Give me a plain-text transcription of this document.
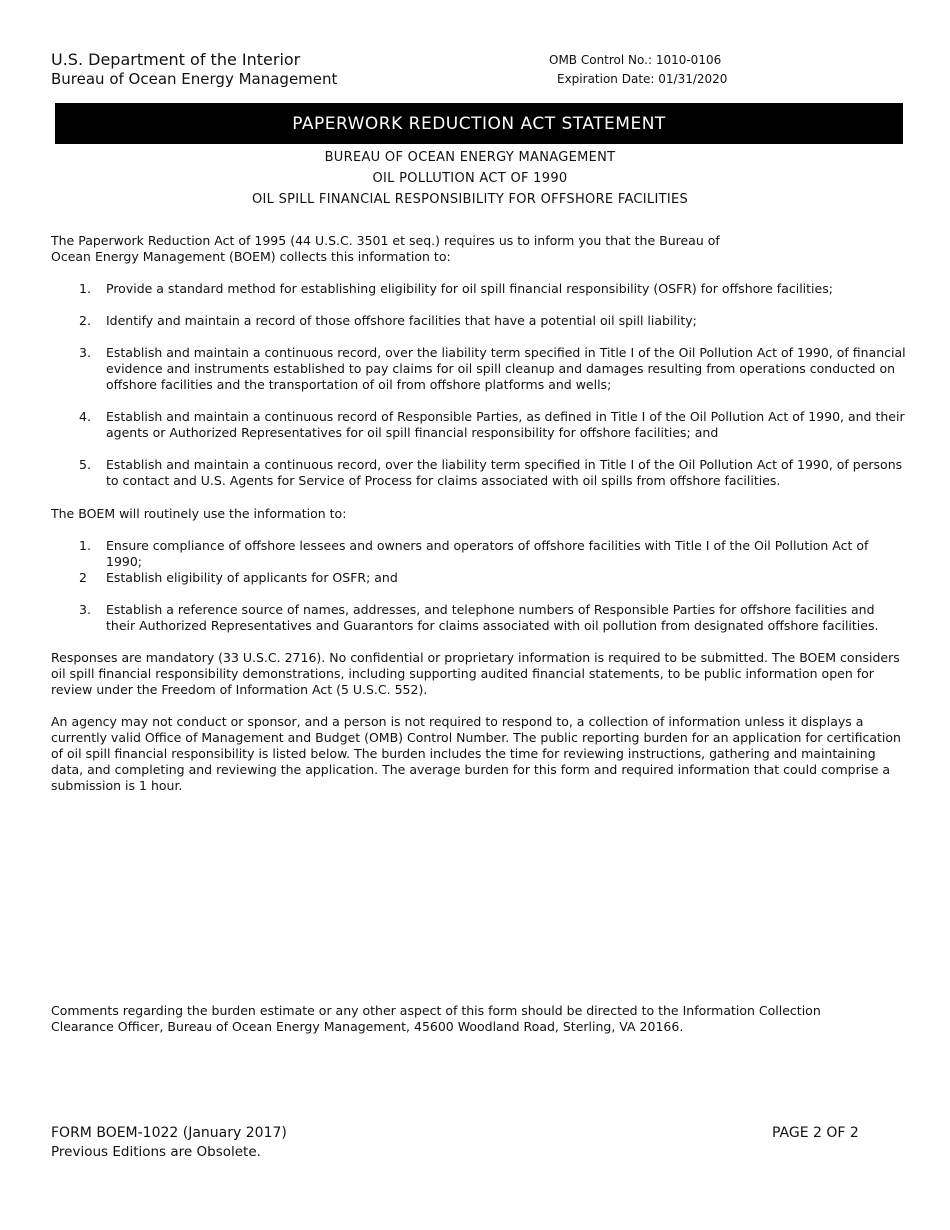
U.S. Department of the Interior
Bureau of Ocean Energy Management
OMB Control No.: 1010-0106
Expiration Date: 01/31/2020
PAPERWORK REDUCTION ACT STATEMENT
BUREAU OF OCEAN ENERGY MANAGEMENT
OIL POLLUTION ACT OF 1990
OIL SPILL FINANCIAL RESPONSIBILITY FOR OFFSHORE FACILITIES
The Paperwork Reduction Act of 1995 (44 U.S.C. 3501 et seq.) requires us to inform you that the Bureau of Ocean Energy Management (BOEM) collects this information to:
1. Provide a standard method for establishing eligibility for oil spill financial responsibility (OSFR) for offshore facilities;
2. Identify and maintain a record of those offshore facilities that have a potential oil spill liability;
3. Establish and maintain a continuous record, over the liability term specified in Title I of the Oil Pollution Act of 1990, of financial evidence and instruments established to pay claims for oil spill cleanup and damages resulting from operations conducted on offshore facilities and the transportation of oil from offshore platforms and wells;
4. Establish and maintain a continuous record of Responsible Parties, as defined in Title I of the Oil Pollution Act of 1990, and their agents or Authorized Representatives for oil spill financial responsibility for offshore facilities; and
5. Establish and maintain a continuous record, over the liability term specified in Title I of the Oil Pollution Act of 1990, of persons to contact and U.S. Agents for Service of Process for claims associated with oil spills from offshore facilities.
The BOEM will routinely use the information to:
1. Ensure compliance of offshore lessees and owners and operators of offshore facilities with Title I of the Oil Pollution Act of 1990;
2 Establish eligibility of applicants for OSFR; and
3. Establish a reference source of names, addresses, and telephone numbers of Responsible Parties for offshore facilities and their Authorized Representatives and Guarantors for claims associated with oil pollution from designated offshore facilities.
Responses are mandatory (33 U.S.C. 2716). No confidential or proprietary information is required to be submitted. The BOEM considers oil spill financial responsibility demonstrations, including supporting audited financial statements, to be public information open for review under the Freedom of Information Act (5 U.S.C. 552).
An agency may not conduct or sponsor, and a person is not required to respond to, a collection of information unless it displays a currently valid Office of Management and Budget (OMB) Control Number. The public reporting burden for an application for certification of oil spill financial responsibility is listed below. The burden includes the time for reviewing instructions, gathering and maintaining data, and completing and reviewing the application. The average burden for this form and required information that could comprise a submission is 1 hour.
Comments regarding the burden estimate or any other aspect of this form should be directed to the Information Collection Clearance Officer, Bureau of Ocean Energy Management, 45600 Woodland Road, Sterling, VA 20166.
FORM BOEM-1022 (January 2017)
Previous Editions are Obsolete.
PAGE 2 OF 2
